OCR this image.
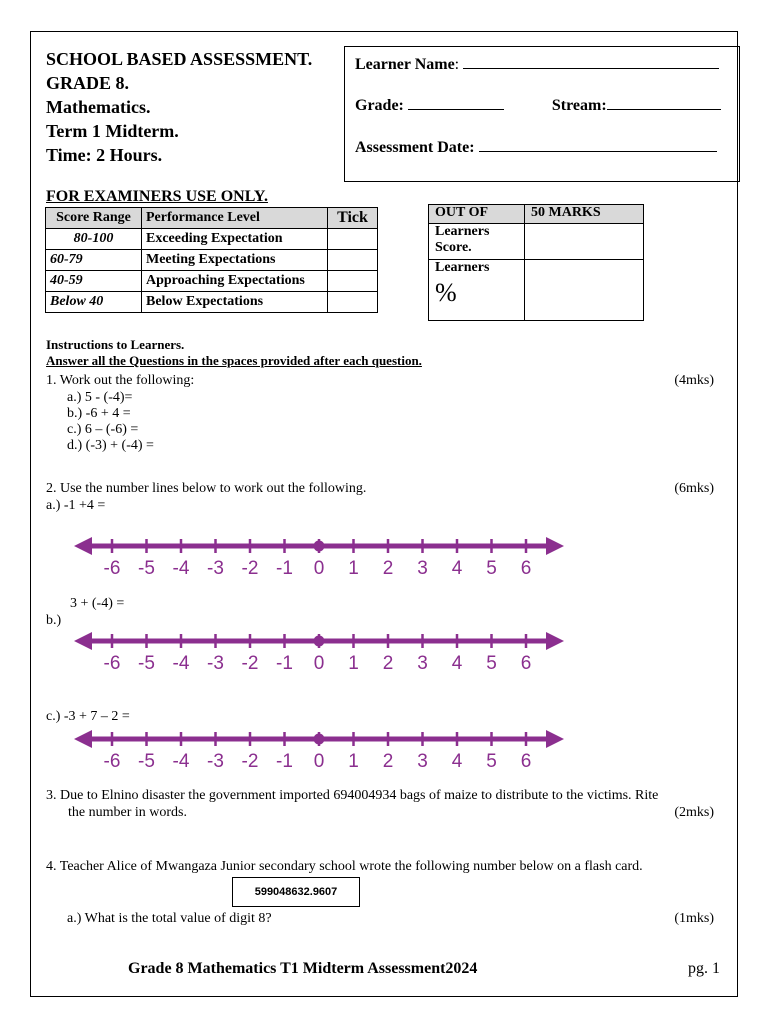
SCHOOL BASED ASSESSMENT.
GRADE 8.
Mathematics.
Term 1 Midterm.
Time: 2 Hours.
Learner Name:
Grade:	Stream:
Assessment Date:
FOR EXAMINERS USE ONLY.
Score Range	Performance Level	Tick
80-100	Exceeding Expectation	
60-79	Meeting Expectations	
40-59	Approaching Expectations	
Below 40	Below Expectations	
OUT OF	50 MARKS

Learners
Score.	

Learners
%	

Instructions to Learners.
Answer all the Questions in the spaces provided after each question.
1. Work out the following:	(4mks)
a.) 5 - (-4)=
b.) -6 + 4 =
c.) 6 – (-6) =
d.) (-3) + (-4) =
2. Use the number lines below to work out the following.	(6mks)
a.) -1 +4 =
-6 -5 -4 -3 -2 -1 0 1 2 3 4 5 6
3 + (-4) =
b.)
-6 -5 -4 -3 -2 -1 0 1 2 3 4 5 6
c.) -3 + 7 – 2 =
-6 -5 -4 -3 -2 -1 0 1 2 3 4 5 6
3. Due to Elnino disaster the government imported 694004934 bags of maize to distribute to the victims. Rite
the number in words.	(2mks)
4. Teacher Alice of Mwangaza Junior secondary school wrote the following number below on a flash card.
599048632.9607
a.) What is the total value of digit 8?	(1mks)
Grade 8 Mathematics T1 Midterm Assessment2024	pg. 1
